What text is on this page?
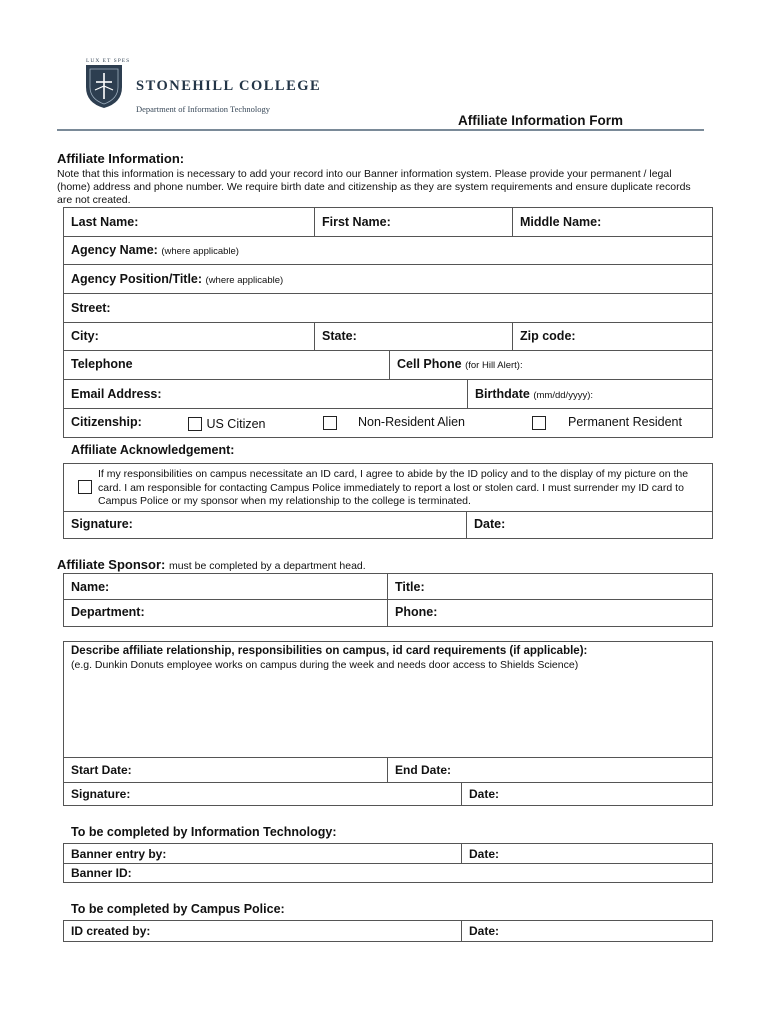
LUX ET SPES
STONEHILL COLLEGE
Department of Information Technology
Affiliate Information Form
Affiliate Information:
Note that this information is necessary to add your record into our Banner information system. Please provide your permanent / legal (home) address and phone number. We require birth date and citizenship as they are system requirements and ensure duplicate records are not created.
Last Name:	First Name:	Middle Name:
Agency Name: (where applicable)
Agency Position/Title: (where applicable)
Street:
City:	State:	Zip code:
Telephone	Cell Phone (for Hill Alert):
Email Address:	Birthdate (mm/dd/yyyy):
Citizenship:	US Citizen	Non-Resident Alien	Permanent Resident
Affiliate Acknowledgement:
If my responsibilities on campus necessitate an ID card, I agree to abide by the ID policy and to the display of my picture on the card. I am responsible for contacting Campus Police immediately to report a lost or stolen card. I must surrender my ID card to Campus Police or my sponsor when my relationship to the college is terminated.
Signature:	Date:
Affiliate Sponsor: must be completed by a department head.
Name:	Title:
Department:	Phone:
Describe affiliate relationship, responsibilities on campus, id card requirements (if applicable):
(e.g. Dunkin Donuts employee works on campus during the week and needs door access to Shields Science)
Start Date:	End Date:
Signature:	Date:
To be completed by Information Technology:
Banner entry by:	Date:
Banner ID:
To be completed by Campus Police:
ID created by:	Date:
